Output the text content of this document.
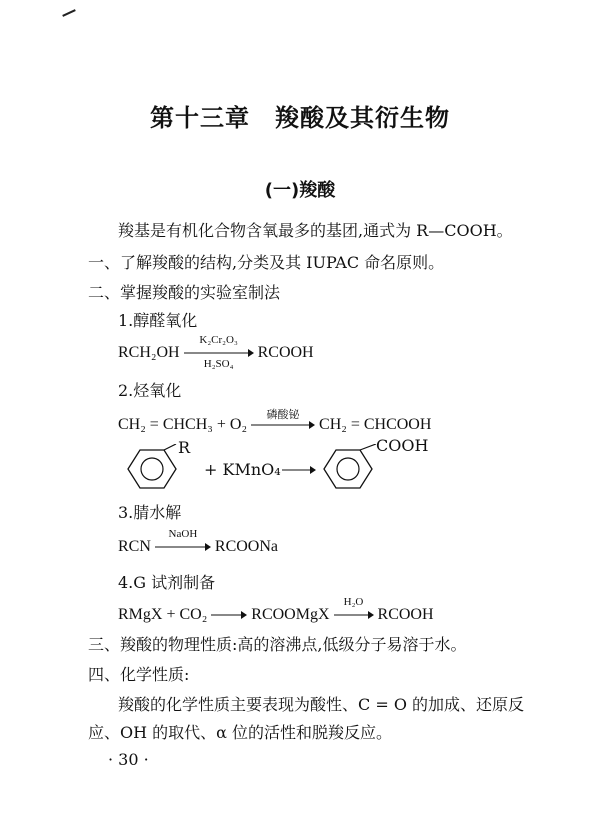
第十三章　羧酸及其衍生物
(一)羧酸
羧基是有机化合物含氧最多的基团,通式为 R—COOH。
一、了解羧酸的结构,分类及其 IUPAC 命名原则。
二、掌握羧酸的实验室制法
1.醇醛氧化
RCH₂OH
K₂Cr₂O₃
H₂SO₄
RCOOH
2.烃氧化
CH₂ = CHCH₃ + O₂
磷酸铋
CH₂ = CHCOOH
R
+ KMnO₄
COOH
3.腈水解
RCN
NaOH
RCOONa
4.G 试剂制备
RMgX + CO₂	RCOOMgX
H₂O
RCOOH
三、羧酸的物理性质:高的溶沸点,低级分子易溶于水。
四、化学性质:
羧酸的化学性质主要表现为酸性、C = O 的加成、还原反
应、OH 的取代、α 位的活性和脱羧反应。
· 30 ·
